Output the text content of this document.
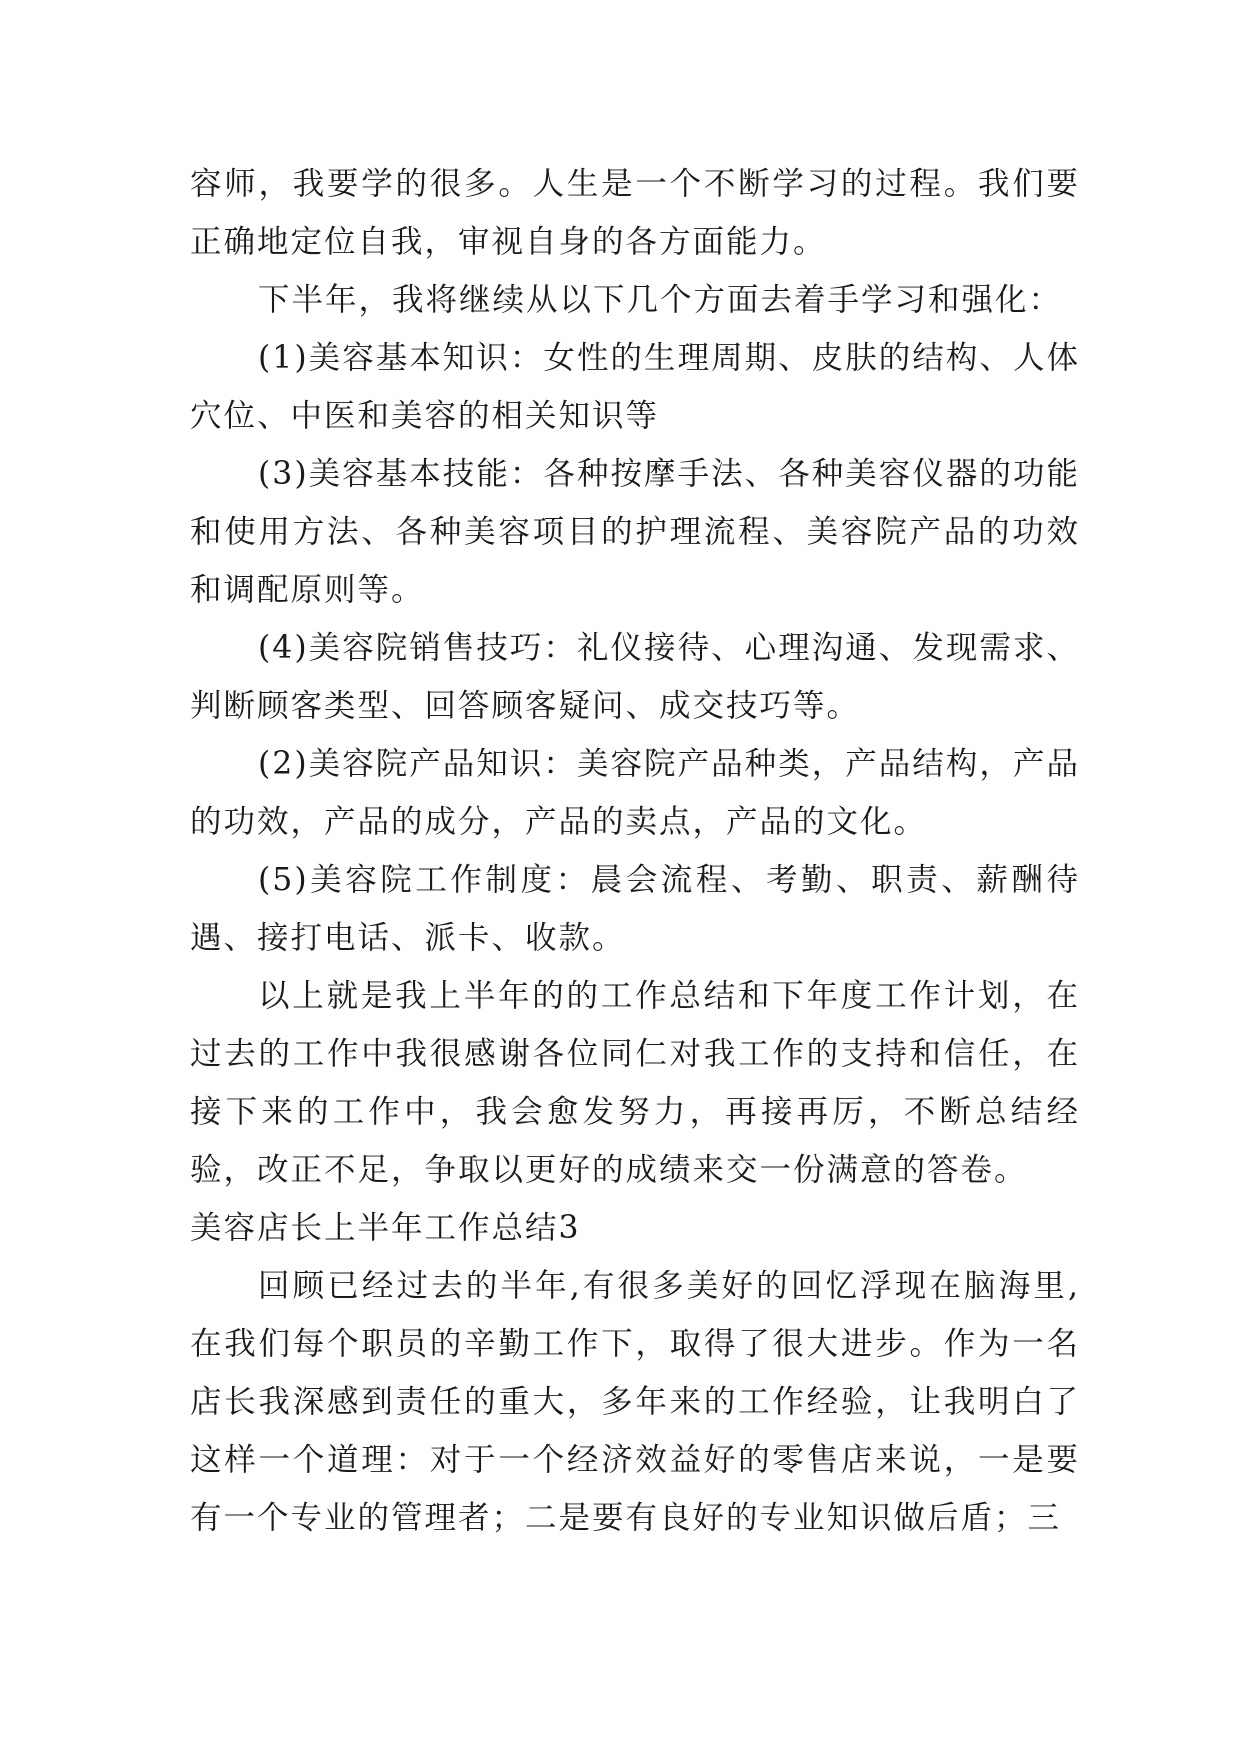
容师，我要学的很多。人生是一个不断学习的过程。我们要正确地定位自我，审视自身的各方面能力。

下半年，我将继续从以下几个方面去着手学习和强化：

(1)美容基本知识：女性的生理周期、皮肤的结构、人体穴位、中医和美容的相关知识等

(3)美容基本技能：各种按摩手法、各种美容仪器的功能和使用方法、各种美容项目的护理流程、美容院产品的功效和调配原则等。

(4)美容院销售技巧：礼仪接待、心理沟通、发现需求、判断顾客类型、回答顾客疑问、成交技巧等。

(2)美容院产品知识：美容院产品种类，产品结构，产品的功效，产品的成分，产品的卖点，产品的文化。

(5)美容院工作制度：晨会流程、考勤、职责、薪酬待遇、接打电话、派卡、收款。

以上就是我上半年的的工作总结和下年度工作计划，在过去的工作中我很感谢各位同仁对我工作的支持和信任，在接下来的工作中，我会愈发努力，再接再厉，不断总结经验，改正不足，争取以更好的成绩来交一份满意的答卷。

美容店长上半年工作总结3

回顾已经过去的半年,有很多美好的回忆浮现在脑海里,在我们每个职员的辛勤工作下，取得了很大进步。作为一名店长我深感到责任的重大，多年来的工作经验，让我明白了这样一个道理：对于一个经济效益好的零售店来说，一是要有一个专业的管理者；二是要有良好的专业知识做后盾；三
